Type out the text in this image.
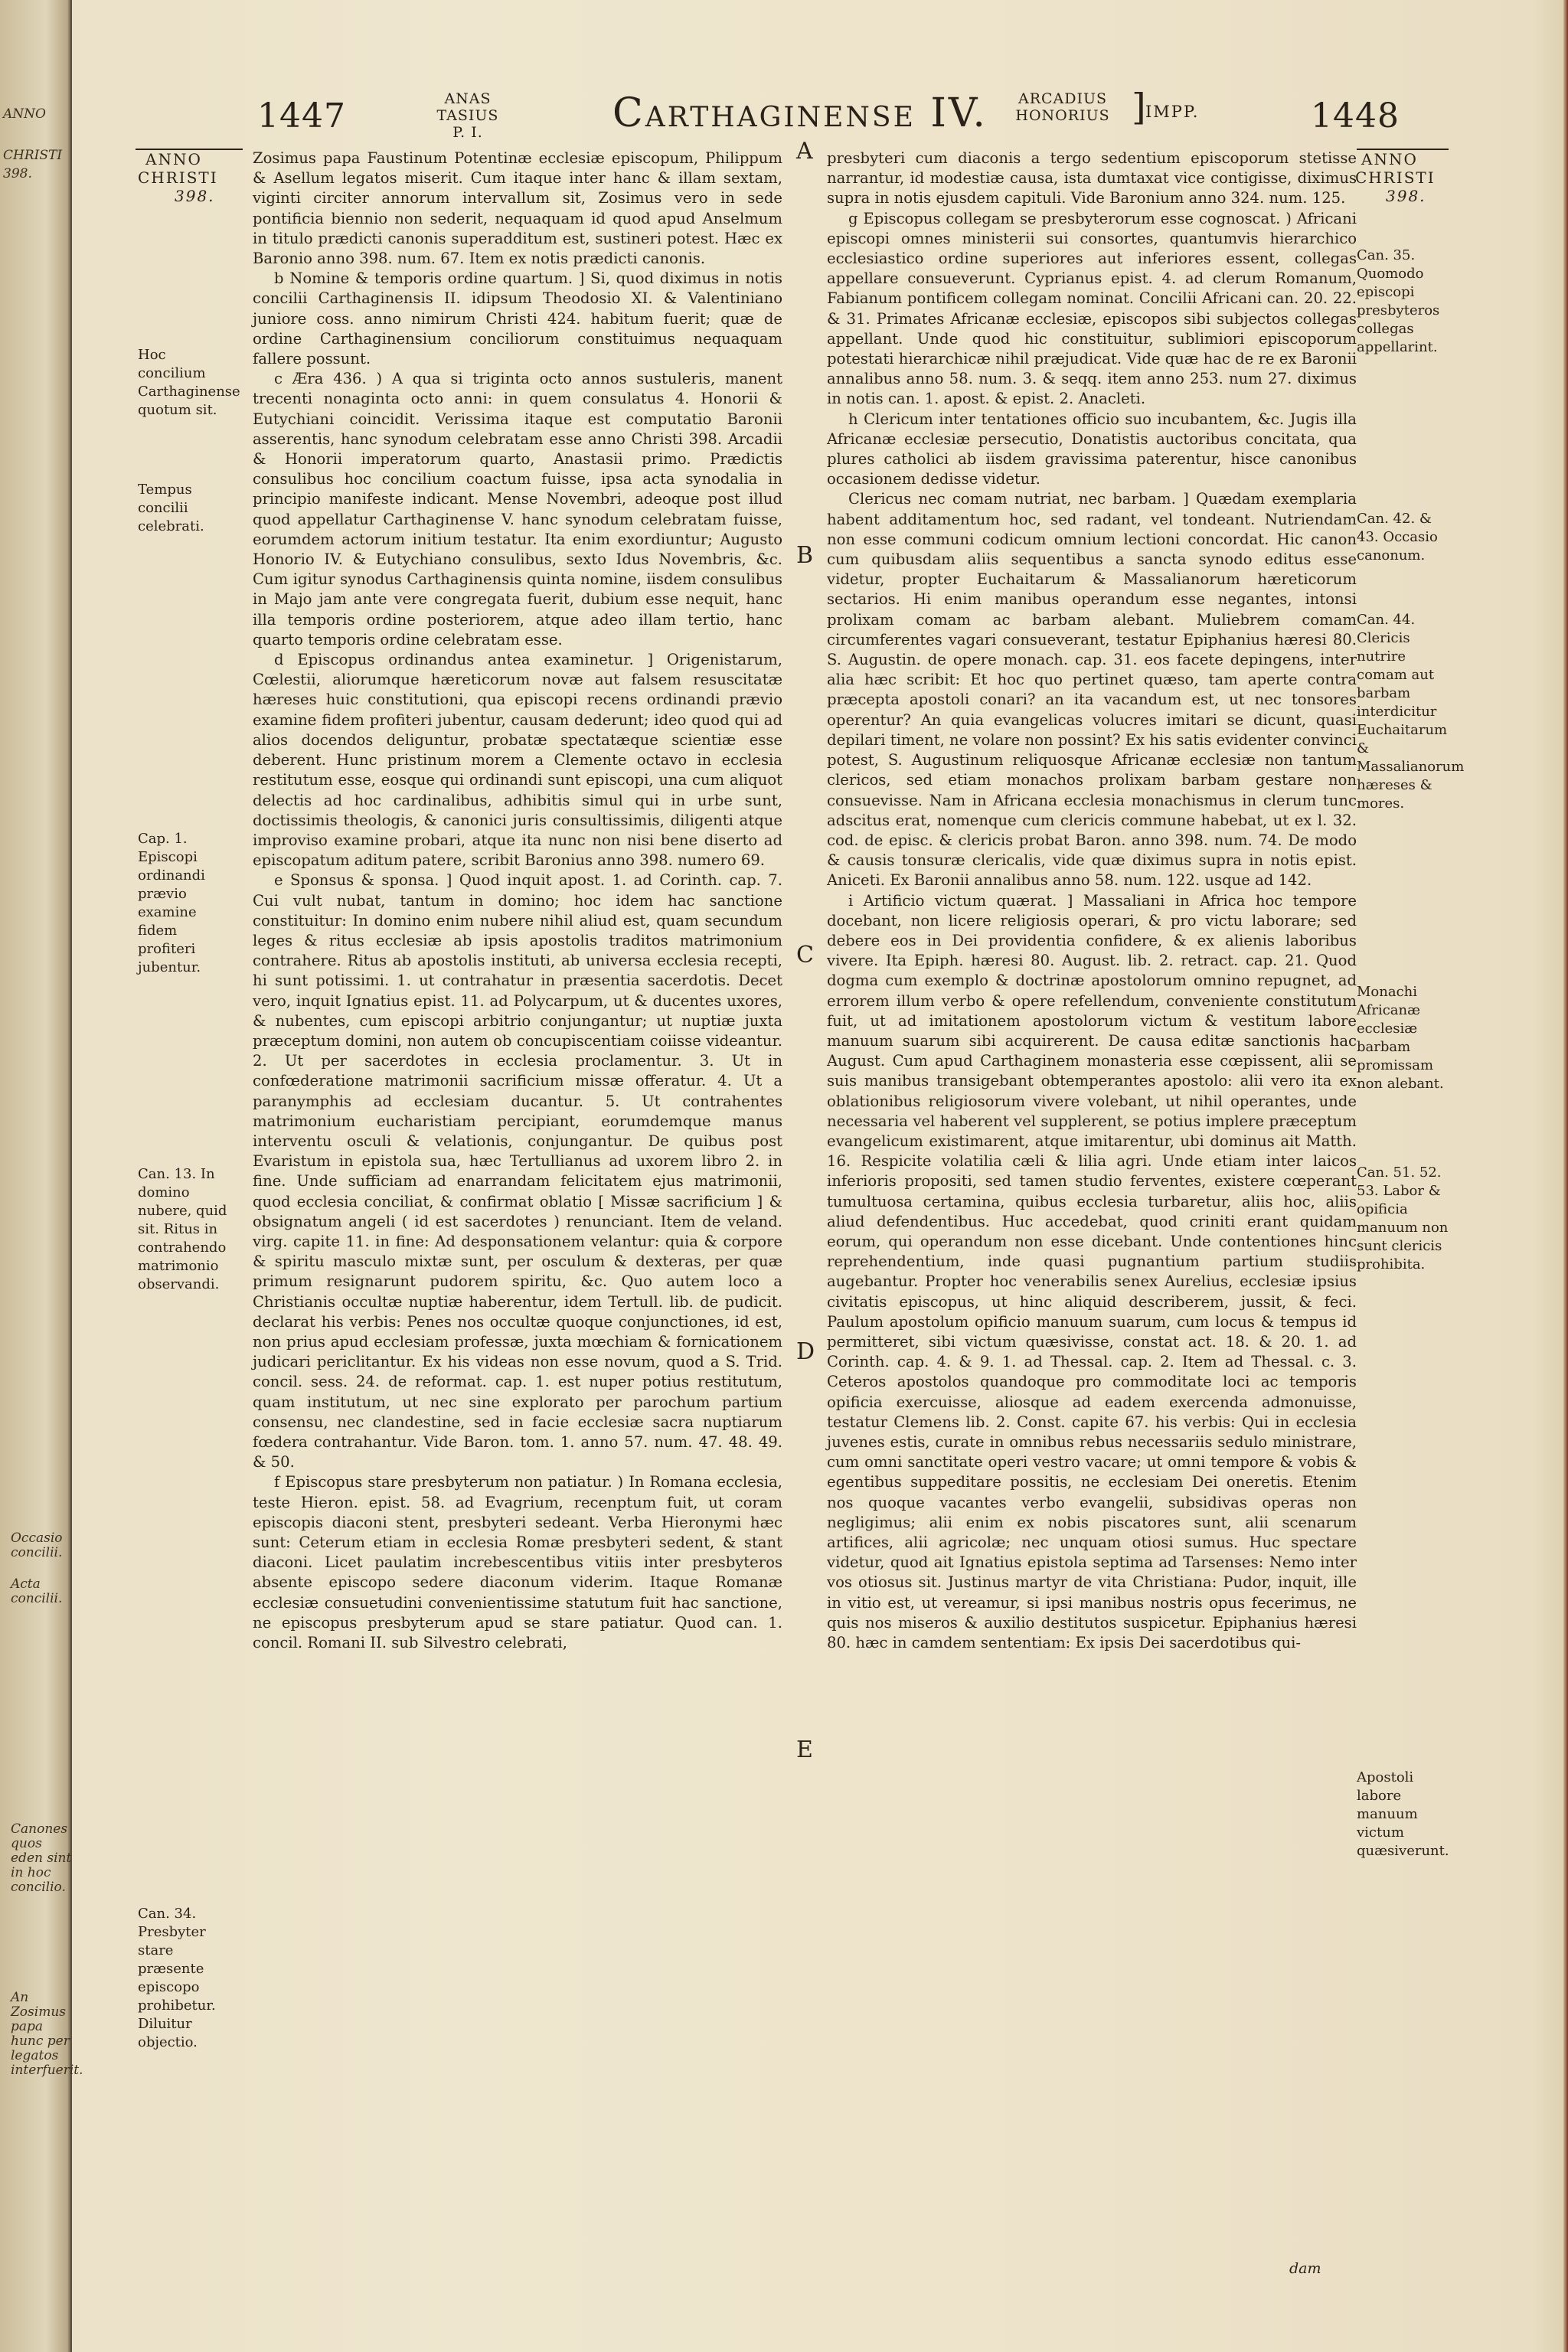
ANNO
CHRISTI
398.
Occasio concilii.
Acta concilii.
Canones quos eden sint in hoc concilio.
An Zosimus papa hunc per legatos interfuerit.
1447	ANAS TASIUS
P. I.	Carthaginense IV.	ARCADIUS
HONORIUS ] IMPP.	1448
ANNO
CHRISTI
398.
ANNO
CHRISTI
398.
Hoc concilium Carthaginense quotum sit.
Tempus concilii celebrati.
Cap. 1. Episcopi ordinandi prævio examine fidem profiteri jubentur.
Can. 13. In domino nubere, quid sit. Ritus in contrahendo matrimonio observandi.
Can. 34. Presbyter stare præsente episcopo prohibetur. Diluitur objectio.
Can. 35. Quomodo episcopi presbyteros collegas appellarint.
Can. 42. & 43. Occasio canonum.
Can. 44. Clericis nutrire comam aut barbam interdicitur Euchaitarum & Massalianorum hæreses & mores.
Monachi Africanæ ecclesiæ barbam promissam non alebant.
Can. 51. 52. 53. Labor & opificia manuum non sunt clericis prohibita.
Apostoli labore manuum victum quæsiverunt.
A
B
C
D
E

Zosimus papa Faustinum Potentinæ ecclesiæ episcopum, Philippum & Asellum legatos miserit. Cum itaque inter hanc & illam sextam, viginti circiter annorum intervallum sit, Zosimus vero in sede pontificia biennio non sederit, nequaquam id quod apud Anselmum in titulo prædicti canonis superadditum est, sustineri potest. Hæc ex Baronio anno 398. num. 67. Item ex notis prædicti canonis.

b Nomine & temporis ordine quartum. ] Si, quod diximus in notis concilii Carthaginensis II. idipsum Theodosio XI. & Valentiniano juniore coss. anno nimirum Christi 424. habitum fuerit; quæ de ordine Carthaginensium conciliorum constituimus nequaquam fallere possunt.

c Æra 436. ) A qua si triginta octo annos sustuleris, manent trecenti nonaginta octo anni: in quem consulatus 4. Honorii & Eutychiani coincidit. Verissima itaque est computatio Baronii asserentis, hanc synodum celebratam esse anno Christi 398. Arcadii & Honorii imperatorum quarto, Anastasii primo. Prædictis consulibus hoc concilium coactum fuisse, ipsa acta synodalia in principio manifeste indicant. Mense Novembri, adeoque post illud quod appellatur Carthaginense V. hanc synodum celebratam fuisse, eorumdem actorum initium testatur. Ita enim exordiuntur; Augusto Honorio IV. & Eutychiano consulibus, sexto Idus Novembris, &c. Cum igitur synodus Carthaginensis quinta nomine, iisdem consulibus in Majo jam ante vere congregata fuerit, dubium esse nequit, hanc illa temporis ordine posteriorem, atque adeo illam tertio, hanc quarto temporis ordine celebratam esse.

d Episcopus ordinandus antea examinetur. ] Origenistarum, Cœlestii, aliorumque hæreticorum novæ aut falsem resuscitatæ hæreses huic constitutioni, qua episcopi recens ordinandi prævio examine fidem profiteri jubentur, causam dederunt; ideo quod qui ad alios docendos deliguntur, probatæ spectatæque scientiæ esse deberent. Hunc pristinum morem a Clemente octavo in ecclesia restitutum esse, eosque qui ordinandi sunt episcopi, una cum aliquot delectis ad hoc cardinalibus, adhibitis simul qui in urbe sunt, doctissimis theologis, & canonici juris consultissimis, diligenti atque improviso examine probari, atque ita nunc non nisi bene diserto ad episcopatum aditum patere, scribit Baronius anno 398. numero 69.

e Sponsus & sponsa. ] Quod inquit apost. 1. ad Corinth. cap. 7. Cui vult nubat, tantum in domino; hoc idem hac sanctione constituitur: In domino enim nubere nihil aliud est, quam secundum leges & ritus ecclesiæ ab ipsis apostolis traditos matrimonium contrahere. Ritus ab apostolis instituti, ab universa ecclesia recepti, hi sunt potissimi. 1. ut contrahatur in præsentia sacerdotis. Decet vero, inquit Ignatius epist. 11. ad Polycarpum, ut & ducentes uxores, & nubentes, cum episcopi arbitrio conjungantur; ut nuptiæ juxta præceptum domini, non autem ob concupiscentiam coiisse videantur. 2. Ut per sacerdotes in ecclesia proclamentur. 3. Ut in confœderatione matrimonii sacrificium missæ offeratur. 4. Ut a paranymphis ad ecclesiam ducantur. 5. Ut contrahentes matrimonium eucharistiam percipiant, eorumdemque manus interventu osculi & velationis, conjungantur. De quibus post Evaristum in epistola sua, hæc Tertullianus ad uxorem libro 2. in fine. Unde sufficiam ad enarrandam felicitatem ejus matrimonii, quod ecclesia conciliat, & confirmat oblatio [ Missæ sacrificium ] & obsignatum angeli ( id est sacerdotes ) renunciant. Item de veland. virg. capite 11. in fine: Ad desponsationem velantur: quia & corpore & spiritu masculo mixtæ sunt, per osculum & dexteras, per quæ primum resignarunt pudorem spiritu, &c. Quo autem loco a Christianis occultæ nuptiæ haberentur, idem Tertull. lib. de pudicit. declarat his verbis: Penes nos occultæ quoque conjunctiones, id est, non prius apud ecclesiam professæ, juxta mœchiam & fornicationem judicari periclitantur. Ex his videas non esse novum, quod a S. Trid. concil. sess. 24. de reformat. cap. 1. est nuper potius restitutum, quam institutum, ut nec sine explorato per parochum partium consensu, nec clandestine, sed in facie ecclesiæ sacra nuptiarum fœdera contrahantur. Vide Baron. tom. 1. anno 57. num. 47. 48. 49. & 50.

f Episcopus stare presbyterum non patiatur. ) In Romana ecclesia, teste Hieron. epist. 58. ad Evagrium, recenptum fuit, ut coram episcopis diaconi stent, presbyteri sedeant. Verba Hieronymi hæc sunt: Ceterum etiam in ecclesia Romæ presbyteri sedent, & stant diaconi. Licet paulatim increbescentibus vitiis inter presbyteros absente episcopo sedere diaconum viderim. Itaque Romanæ ecclesiæ consuetudini convenientissime statutum fuit hac sanctione, ne episcopus presbyterum apud se stare patiatur. Quod can. 1. concil. Romani II. sub Silvestro celebrati,

presbyteri cum diaconis a tergo sedentium episcoporum stetisse narrantur, id modestiæ causa, ista dumtaxat vice contigisse, diximus supra in notis ejusdem capituli. Vide Baronium anno 324. num. 125.

g Episcopus collegam se presbyterorum esse cognoscat. ) Africani episcopi omnes ministerii sui consortes, quantumvis hierarchico ecclesiastico ordine superiores aut inferiores essent, collegas appellare consueverunt. Cyprianus epist. 4. ad clerum Romanum, Fabianum pontificem collegam nominat. Concilii Africani can. 20. 22. & 31. Primates Africanæ ecclesiæ, episcopos sibi subjectos collegas appellant. Unde quod hic constituitur, sublimiori episcoporum potestati hierarchicæ nihil præjudicat. Vide quæ hac de re ex Baronii annalibus anno 58. num. 3. & seqq. item anno 253. num 27. diximus in notis can. 1. apost. & epist. 2. Anacleti.

h Clericum inter tentationes officio suo incubantem, &c. Jugis illa Africanæ ecclesiæ persecutio, Donatistis auctoribus concitata, qua plures catholici ab iisdem gravissima paterentur, hisce canonibus occasionem dedisse videtur.

Clericus nec comam nutriat, nec barbam. ] Quædam exemplaria habent additamentum hoc, sed radant, vel tondeant. Nutriendam non esse communi codicum omnium lectioni concordat. Hic canon cum quibusdam aliis sequentibus a sancta synodo editus esse videtur, propter Euchaitarum & Massalianorum hæreticorum sectarios. Hi enim manibus operandum esse negantes, intonsi prolixam comam ac barbam alebant. Muliebrem comam circumferentes vagari consueverant, testatur Epiphanius hæresi 80. S. Augustin. de opere monach. cap. 31. eos facete depingens, inter alia hæc scribit: Et hoc quo pertinet quæso, tam aperte contra præcepta apostoli conari? an ita vacandum est, ut nec tonsores operentur? An quia evangelicas volucres imitari se dicunt, quasi depilari timent, ne volare non possint? Ex his satis evidenter convinci potest, S. Augustinum reliquosque Africanæ ecclesiæ non tantum clericos, sed etiam monachos prolixam barbam gestare non consuevisse. Nam in Africana ecclesia monachismus in clerum tunc adscitus erat, nomenque cum clericis commune habebat, ut ex l. 32. cod. de episc. & clericis probat Baron. anno 398. num. 74. De modo & causis tonsuræ clericalis, vide quæ diximus supra in notis epist. Aniceti. Ex Baronii annalibus anno 58. num. 122. usque ad 142.

i Artificio victum quærat. ] Massaliani in Africa hoc tempore docebant, non licere religiosis operari, & pro victu laborare; sed debere eos in Dei providentia confidere, & ex alienis laboribus vivere. Ita Epiph. hæresi 80. August. lib. 2. retract. cap. 21. Quod dogma cum exemplo & doctrinæ apostolorum omnino repugnet, ad errorem illum verbo & opere refellendum, conveniente constitutum fuit, ut ad imitationem apostolorum victum & vestitum labore manuum suarum sibi acquirerent. De causa editæ sanctionis hac August. Cum apud Carthaginem monasteria esse cœpissent, alii se suis manibus transigebant obtemperantes apostolo: alii vero ita ex oblationibus religiosorum vivere volebant, ut nihil operantes, unde necessaria vel haberent vel supplerent, se potius implere præceptum evangelicum existimarent, atque imitarentur, ubi dominus ait Matth. 16. Respicite volatilia cæli & lilia agri. Unde etiam inter laicos inferioris propositi, sed tamen studio ferventes, existere cœperant tumultuosa certamina, quibus ecclesia turbaretur, aliis hoc, aliis aliud defendentibus. Huc accedebat, quod criniti erant quidam eorum, qui operandum non esse dicebant. Unde contentiones hinc reprehendentium, inde quasi pugnantium partium studiis augebantur. Propter hoc venerabilis senex Aurelius, ecclesiæ ipsius civitatis episcopus, ut hinc aliquid describerem, jussit, & feci. Paulum apostolum opificio manuum suarum, cum locus & tempus id permitteret, sibi victum quæsivisse, constat act. 18. & 20. 1. ad Corinth. cap. 4. & 9. 1. ad Thessal. cap. 2. Item ad Thessal. c. 3. Ceteros apostolos quandoque pro commoditate loci ac temporis opificia exercuisse, aliosque ad eadem exercenda admonuisse, testatur Clemens lib. 2. Const. capite 67. his verbis: Qui in ecclesia juvenes estis, curate in omnibus rebus necessariis sedulo ministrare, cum omni sanctitate operi vestro vacare; ut omni tempore & vobis & egentibus suppeditare possitis, ne ecclesiam Dei oneretis. Etenim nos quoque vacantes verbo evangelii, subsidivas operas non negligimus; alii enim ex nobis piscatores sunt, alii scenarum artifices, alii agricolæ; nec unquam otiosi sumus. Huc spectare videtur, quod ait Ignatius epistola septima ad Tarsenses: Nemo inter vos otiosus sit. Justinus martyr de vita Christiana: Pudor, inquit, ille in vitio est, ut vereamur, si ipsi manibus nostris opus fecerimus, ne quis nos miseros & auxilio destitutos suspicetur. Epiphanius hæresi 80. hæc in camdem sententiam: Ex ipsis Dei sacerdotibus qui-

dam
